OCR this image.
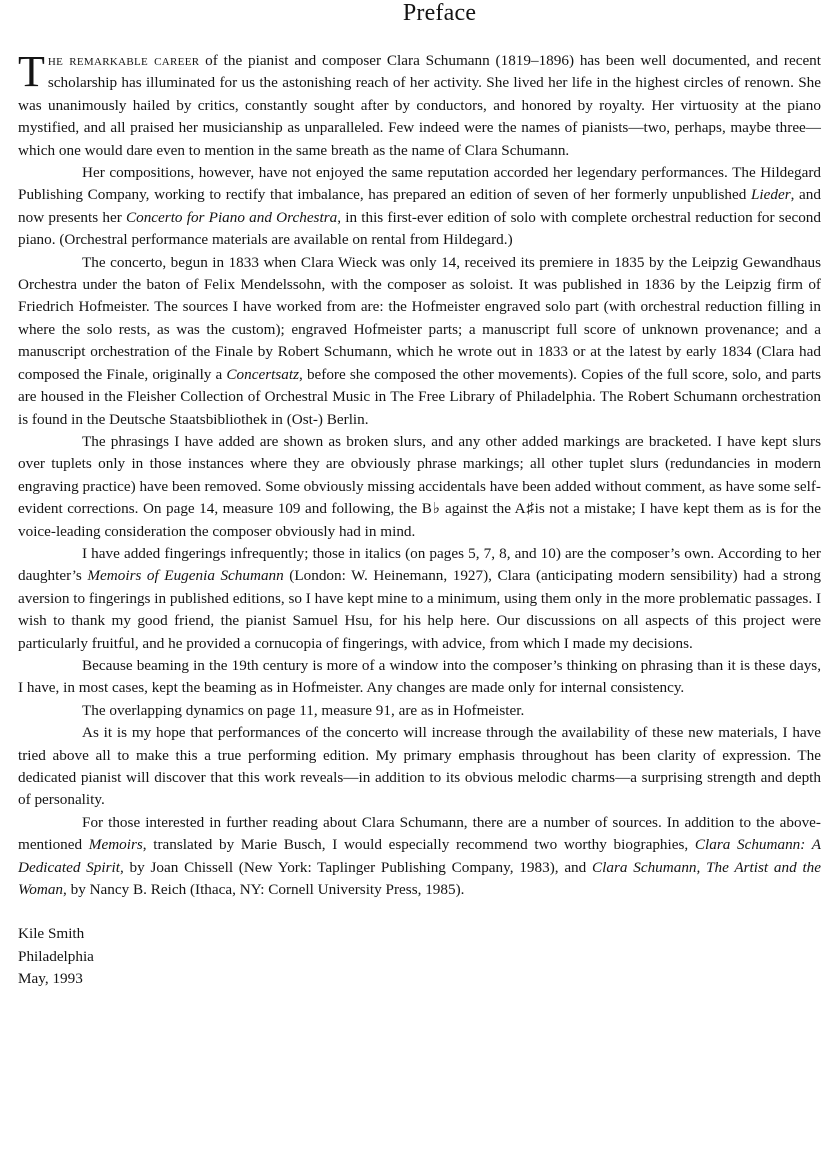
Preface

The remarkable career of the pianist and composer Clara Schumann (1819–1896) has been well documented, and recent scholarship has illuminated for us the astonishing reach of her activity. She lived her life in the highest circles of renown. She was unanimously hailed by critics, constantly sought after by conductors, and honored by royalty. Her virtuosity at the piano mystified, and all praised her musicianship as unparalleled. Few indeed were the names of pianists—two, perhaps, maybe three—which one would dare even to mention in the same breath as the name of Clara Schumann.

Her compositions, however, have not enjoyed the same reputation accorded her legendary performances. The Hildegard Publishing Company, working to rectify that imbalance, has prepared an edition of seven of her formerly unpublished Lieder, and now presents her Concerto for Piano and Orchestra, in this first-ever edition of solo with complete orchestral reduction for second piano. (Orchestral performance materials are available on rental from Hildegard.)

The concerto, begun in 1833 when Clara Wieck was only 14, received its premiere in 1835 by the Leipzig Gewandhaus Orchestra under the baton of Felix Mendelssohn, with the composer as soloist. It was published in 1836 by the Leipzig firm of Friedrich Hofmeister. The sources I have worked from are: the Hofmeister engraved solo part (with orchestral reduction filling in where the solo rests, as was the custom); engraved Hofmeister parts; a manuscript full score of unknown provenance; and a manuscript orchestration of the Finale by Robert Schumann, which he wrote out in 1833 or at the latest by early 1834 (Clara had composed the Finale, originally a Concertsatz, before she composed the other movements). Copies of the full score, solo, and parts are housed in the Fleisher Collection of Orchestral Music in The Free Library of Philadelphia. The Robert Schumann orchestration is found in the Deutsche Staatsbibliothek in (Ost-) Berlin.

The phrasings I have added are shown as broken slurs, and any other added markings are bracketed. I have kept slurs over tuplets only in those instances where they are obviously phrase markings; all other tuplet slurs (redundancies in modern engraving practice) have been removed. Some obviously missing accidentals have been added without comment, as have some self-evident corrections. On page 14, measure 109 and following, the B♭ against the A♯is not a mistake; I have kept them as is for the voice-leading consideration the composer obviously had in mind.

I have added fingerings infrequently; those in italics (on pages 5, 7, 8, and 10) are the composer’s own. According to her daughter’s Memoirs of Eugenia Schumann (London: W. Heinemann, 1927), Clara (anticipating modern sensibility) had a strong aversion to fingerings in published editions, so I have kept mine to a minimum, using them only in the more problematic passages. I wish to thank my good friend, the pianist Samuel Hsu, for his help here. Our discussions on all aspects of this project were particularly fruitful, and he provided a cornucopia of fingerings, with advice, from which I made my decisions.

Because beaming in the 19th century is more of a window into the composer’s thinking on phrasing than it is these days, I have, in most cases, kept the beaming as in Hofmeister. Any changes are made only for internal consistency.

The overlapping dynamics on page 11, measure 91, are as in Hofmeister.

As it is my hope that performances of the concerto will increase through the availability of these new materials, I have tried above all to make this a true performing edition. My primary emphasis throughout has been clarity of expression. The dedicated pianist will discover that this work reveals—in addition to its obvious melodic charms—a surprising strength and depth of personality.

For those interested in further reading about Clara Schumann, there are a number of sources. In addition to the above-mentioned Memoirs, translated by Marie Busch, I would especially recommend two worthy biographies, Clara Schumann: A Dedicated Spirit, by Joan Chissell (New York: Taplinger Publishing Company, 1983), and Clara Schumann, The Artist and the Woman, by Nancy B. Reich (Ithaca, NY: Cornell University Press, 1985).

Kile Smith
Philadelphia
May, 1993
